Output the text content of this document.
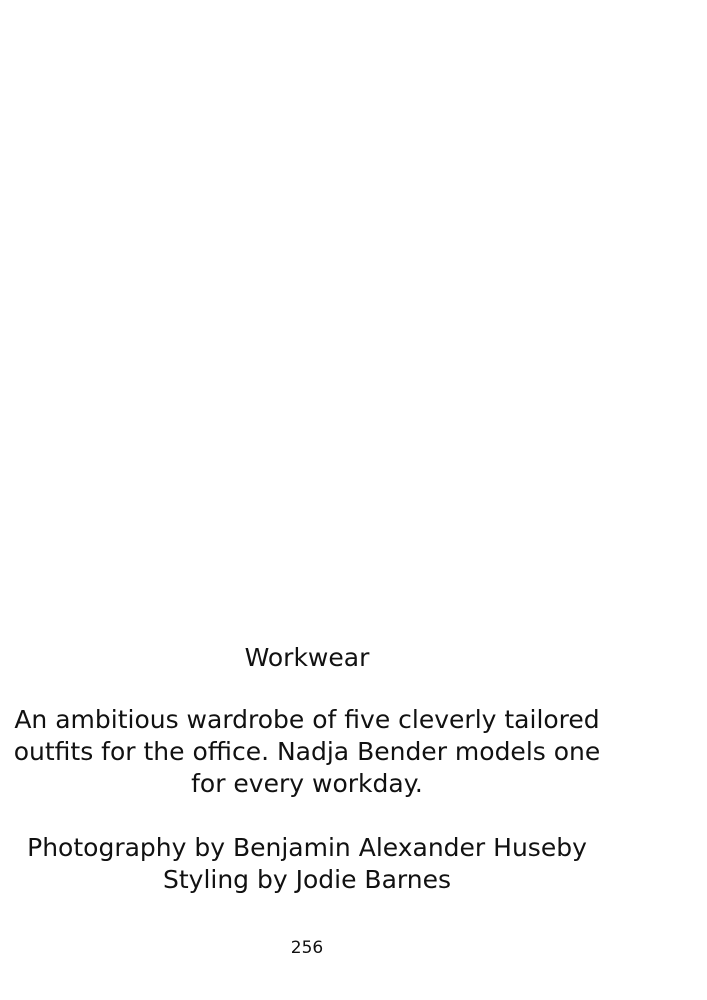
Workwear
An ambitious wardrobe of five cleverly tailored
outfits for the office. Nadja Bender models one
for every workday.
Photography by Benjamin Alexander Huseby
Styling by Jodie Barnes
256
